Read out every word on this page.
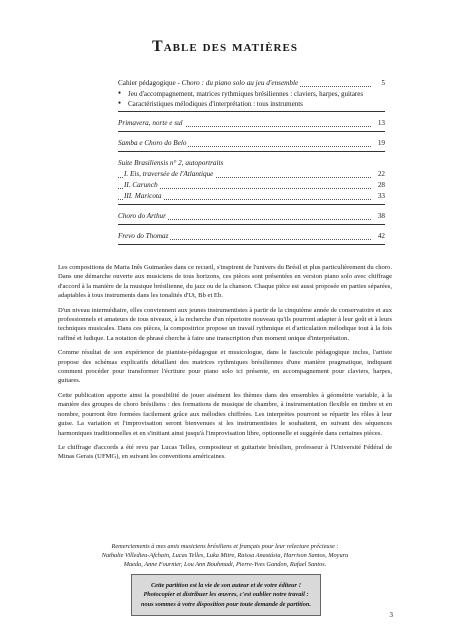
Table des matières
Cahier pédagogique - Choro : du piano solo au jeu d'ensemble	5
● Jeu d'accompagnement, matrices rythmiques brésiliennes : claviers, harpes, guitares
● Caractéristiques mélodiques d'interprétation : tous instruments
Primavera, norte e sul	13
Samba e Choro do Belo	19
Suite Brasiliensis n° 2, autoportraits
I. Eis, traversée de l'Atlantique	22
II. Caruncb	28
III. Maricota	33
Choro do Arthur	38
Frevo do Thomaz	42

Les compositions de Maria Inês Guimarães dans ce recueil, s'inspirent de l'univers du Brésil et plus particulièrement du choro. Dans une démarche ouverte aux musiciens de tous horizons, ces pièces sont présentées en version piano solo avec chiffrage d'accord à la manière de la musique brésilienne, du jazz ou de la chanson. Chaque pièce est aussi proposée en parties séparées, adaptables à tous instruments dans les tonalités d'Ut, Bb et Eb.

D'un niveau intermédiaire, elles conviennent aux jeunes instrumentistes à partir de la cinquième année de conservatoire et aux professionnels et amateurs de tous niveaux, à la recherche d'un répertoire nouveau qu'ils pourront adapter à leur goût et à leurs techniques musicales. Dans ces pièces, la compositrice propose un travail rythmique et d'articulation mélodique tout à la fois raffiné et ludique. La notation de phrasé cherche à faire une transcription d'un moment unique d'interprétation.

Comme résultat de son expérience de pianiste-pédagogue et musicologue, dans le fascicule pédagogique inclus, l'artiste propose des schémas explicatifs détaillant des matrices rythmiques brésiliennes d'une manière pragmatique, indiquant comment procéder pour transformer l'écriture pour piano solo ici présente, en accompagnement pour claviers, harpes, guitares.

Cette publication apporte ainsi la possibilité de jouer aisément les thèmes dans des ensembles à géométrie variable, à la manière des groupes de choro brésiliens : des formations de musique de chambre, à instrumentation flexible en timbre et en nombre, pourront être formées facilement grâce aux mélodies chiffrées. Les interprètes pourront se répartir les rôles à leur guise. La variation et l'improvisation seront bienvenues si les instrumentistes le souhaitent, en suivant des séquences harmoniques traditionnelles et en s'initiant ainsi jusqu'à l'improvisation libre, optionnelle et suggérée dans certaines pièces.

Le chiffrage d'accords a été revu par Lucas Telles, compositeur et guitariste brésilien, professeur à l'Université Fédéral de Minas Gerais (UFMG), en suivant les conventions américaines.

Remerciements à mes amis musiciens brésiliens et français pour leur relecture précieuse :
Nathalie Villedieu-Afchain, Lucas Telles, Luka Mitre, Raissa Anastásia, Harrison Santos, Moyuru
Maeda, Anne Fournier, Lou Ann Bouhmadi, Pierre-Yves Gandon, Rafael Santos.
Cette partition est la vie de son auteur et de votre éditeur !
Photocopier et distribuer les œuvres, c'est oublier notre travail :
nous sommes à votre disposition pour toute demande de partition.
3
